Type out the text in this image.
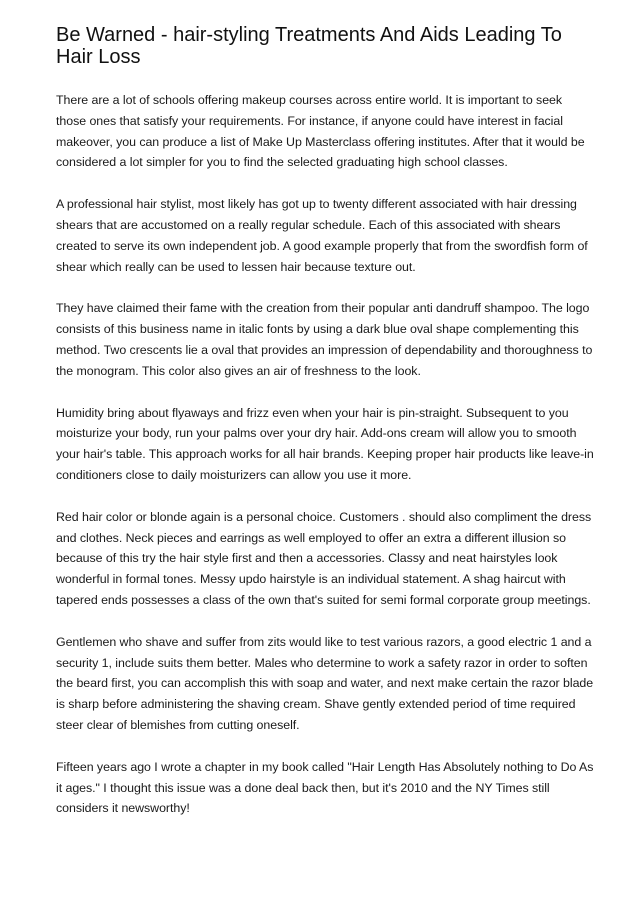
Be Warned - hair-styling Treatments And Aids Leading To Hair Loss

There are a lot of schools offering makeup courses across entire world. It is important to seek those ones that satisfy your requirements. For instance, if anyone could have interest in facial makeover, you can produce a list of Make Up Masterclass offering institutes. After that it would be considered a lot simpler for you to find the selected graduating high school classes.

A professional hair stylist, most likely has got up to twenty different associated with hair dressing shears that are accustomed on a really regular schedule. Each of this associated with shears created to serve its own independent job. A good example properly that from the swordfish form of shear which really can be used to lessen hair because texture out.

They have claimed their fame with the creation from their popular anti dandruff shampoo. The logo consists of this business name in italic fonts by using a dark blue oval shape complementing this method. Two crescents lie a oval that provides an impression of dependability and thoroughness to the monogram. This color also gives an air of freshness to the look.

Humidity bring about flyaways and frizz even when your hair is pin-straight. Subsequent to you moisturize your body, run your palms over your dry hair. Add-ons cream will allow you to smooth your hair's table. This approach works for all hair brands. Keeping proper hair products like leave-in conditioners close to daily moisturizers can allow you use it more.

Red hair color or blonde again is a personal choice. Customers . should also compliment the dress and clothes. Neck pieces and earrings as well employed to offer an extra a different illusion so because of this try the hair style first and then a accessories. Classy and neat hairstyles look wonderful in formal tones. Messy updo hairstyle is an individual statement. A shag haircut with tapered ends possesses a class of the own that's suited for semi formal corporate group meetings.

Gentlemen who shave and suffer from zits would like to test various razors, a good electric 1 and a security 1, include suits them better. Males who determine to work a safety razor in order to soften the beard first, you can accomplish this with soap and water, and next make certain the razor blade is sharp before administering the shaving cream. Shave gently extended period of time required steer clear of blemishes from cutting oneself.

Fifteen years ago I wrote a chapter in my book called "Hair Length Has Absolutely nothing to Do As it ages." I thought this issue was a done deal back then, but it's 2010 and the NY Times still considers it newsworthy!
